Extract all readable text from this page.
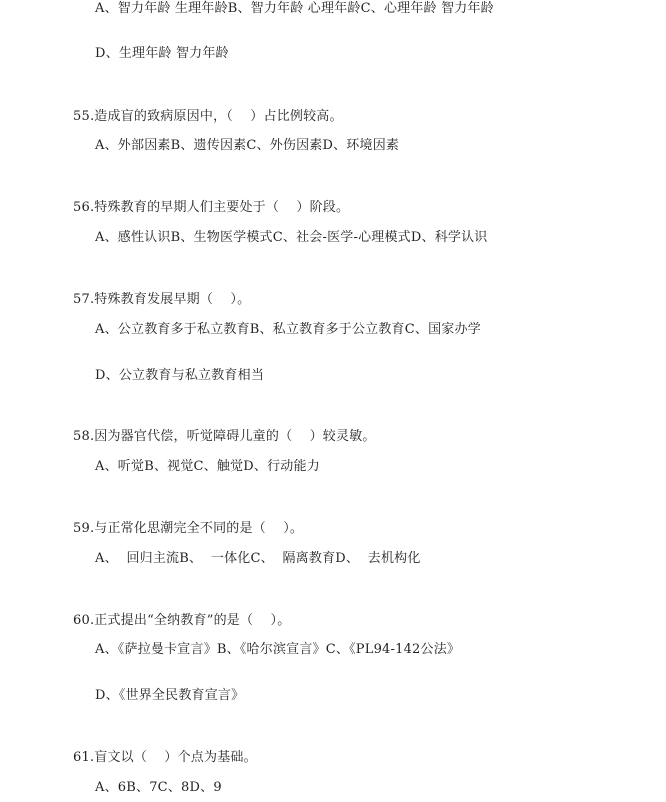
A、智力年龄 生理年龄B、智力年龄 心理年龄C、心理年龄 智力年龄
D、生理年龄 智力年龄
55.造成盲的致病原因中，（    ）占比例较高。
A、外部因素B、遗传因素C、外伤因素D、环境因素
56.特殊教育的早期人们主要处于（    ）阶段。
A、感性认识B、生物医学模式C、社会-医学-心理模式D、科学认识
57.特殊教育发展早期（    ）。
A、公立教育多于私立教育B、私立教育多于公立教育C、国家办学
D、公立教育与私立教育相当
58.因为器官代偿，听觉障碍儿童的（    ）较灵敏。
A、听觉B、视觉C、触觉D、行动能力
59.与正常化思潮完全不同的是（    ）。
A、  回归主流B、  一体化C、  隔离教育D、  去机构化
60.正式提出“全纳教育”的是（    ）。
A、《萨拉曼卡宣言》B、《哈尔滨宣言》C、《PL94-142公法》
D、《世界全民教育宣言》
61.盲文以（    ）个点为基础。
A、6B、7C、8D、9
